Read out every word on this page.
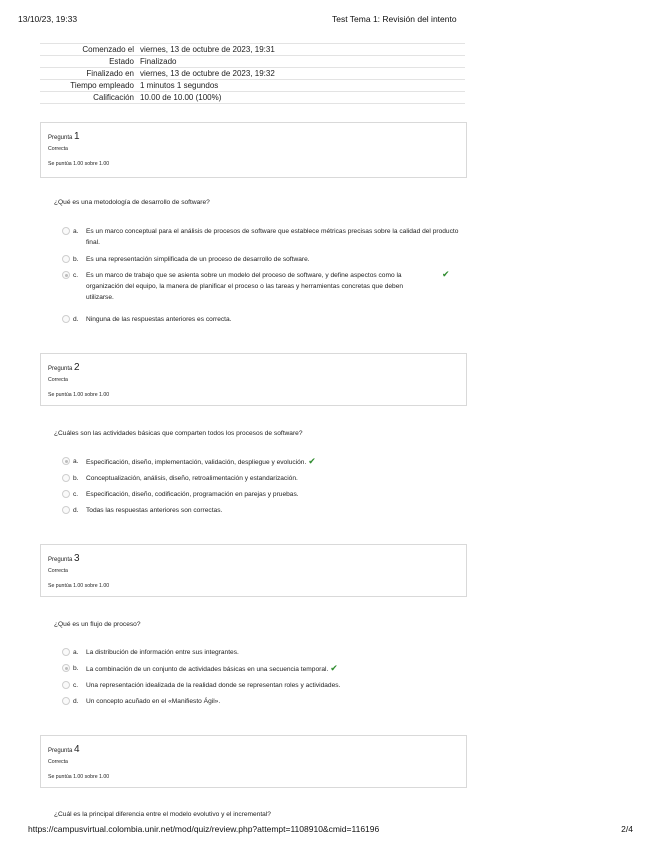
13/10/23, 19:33	Test Tema 1: Revisión del intento
Comenzado el	viernes, 13 de octubre de 2023, 19:31
Estado	Finalizado
Finalizado en	viernes, 13 de octubre de 2023, 19:32
Tiempo empleado	1 minutos 1 segundos
Calificación	10.00 de 10.00 (100%)
Pregunta 1
Correcta
Se puntúa 1.00 sobre 1.00
¿Qué es una metodología de desarrollo de software?
a. Es un marco conceptual para el análisis de procesos de software que establece métricas precisas sobre la calidad del producto final.
b. Es una representación simplificada de un proceso de desarrollo de software.
c. Es un marco de trabajo que se asienta sobre un modelo del proceso de software, y define aspectos como la organización del equipo, la manera de planificar el proceso o las tareas y herramientas concretas que deben utilizarse.
✔
d. Ninguna de las respuestas anteriores es correcta.
Pregunta 2
Correcta
Se puntúa 1.00 sobre 1.00
¿Cuáles son las actividades básicas que comparten todos los procesos de software?
a. Especificación, diseño, implementación, validación, despliegue y evolución. ✔
b. Conceptualización, análisis, diseño, retroalimentación y estandarización.
c. Especificación, diseño, codificación, programación en parejas y pruebas.
d. Todas las respuestas anteriores son correctas.
Pregunta 3
Correcta
Se puntúa 1.00 sobre 1.00
¿Qué es un flujo de proceso?
a. La distribución de información entre sus integrantes.
b. La combinación de un conjunto de actividades básicas en una secuencia temporal. ✔
c. Una representación idealizada de la realidad donde se representan roles y actividades.
d. Un concepto acuñado en el «Manifiesto Ágil».
Pregunta 4
Correcta
Se puntúa 1.00 sobre 1.00
¿Cuál es la principal diferencia entre el modelo evolutivo y el incremental?
https://campusvirtual.colombia.unir.net/mod/quiz/review.php?attempt=1108910&cmid=116196	2/4
